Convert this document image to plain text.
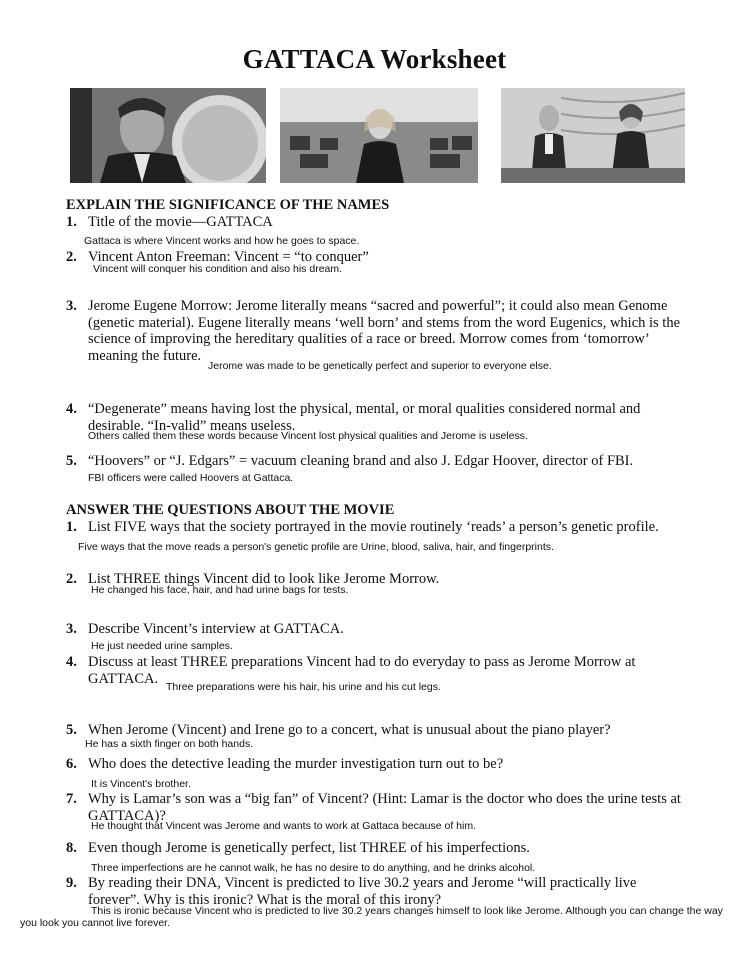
GATTACA Worksheet
EXPLAIN THE SIGNIFICANCE OF THE NAMES
1. Title of the movie—GATTACA
Gattaca is where Vincent works and how he goes to space.
2. Vincent Anton Freeman: Vincent = “to conquer”
Vincent will conquer his condition and also his dream.
3. Jerome Eugene Morrow: Jerome literally means “sacred and powerful”; it could also mean Genome (genetic material). Eugene literally means ‘well born’ and stems from the word Eugenics, which is the science of improving the hereditary qualities of a race or breed. Morrow comes from ‘tomorrow’ meaning the future.
Jerome was made to be genetically perfect and superior to everyone else.
4. “Degenerate” means having lost the physical, mental, or moral qualities considered normal and desirable. “In-valid” means useless.
Others called them these words because Vincent lost physical qualities and Jerome is useless.
5. “Hoovers” or “J. Edgars” = vacuum cleaning brand and also J. Edgar Hoover, director of FBI.
FBI officers were called Hoovers at Gattaca.
ANSWER THE QUESTIONS ABOUT THE MOVIE
1. List FIVE ways that the society portrayed in the movie routinely ‘reads’ a person’s genetic profile.
Five ways that the move reads a person's genetic profile are Urine, blood, saliva, hair, and fingerprints.
2. List THREE things Vincent did to look like Jerome Morrow.
He changed his face, hair, and had urine bags for tests.
3. Describe Vincent’s interview at GATTACA.
He just needed urine samples.
4. Discuss at least THREE preparations Vincent had to do everyday to pass as Jerome Morrow at GATTACA.
Three preparations were his hair, his urine and his cut legs.
5. When Jerome (Vincent) and Irene go to a concert, what is unusual about the piano player?
He has a sixth finger on both hands.
6. Who does the detective leading the murder investigation turn out to be?
It is Vincent's brother.
7. Why is Lamar’s son was a “big fan” of Vincent? (Hint: Lamar is the doctor who does the urine tests at GATTACA)?
He thought that Vincent was Jerome and wants to work at Gattaca because of him.
8. Even though Jerome is genetically perfect, list THREE of his imperfections.
Three imperfections are he cannot walk, he has no desire to do anything, and he drinks alcohol.
9. By reading their DNA, Vincent is predicted to live 30.2 years and Jerome “will practically live forever”. Why is this ironic? What is the moral of this irony?
This is ironic because Vincent who is predicted to live 30.2 years changes himself to look like Jerome. Although you can change the way you look you cannot live forever.
